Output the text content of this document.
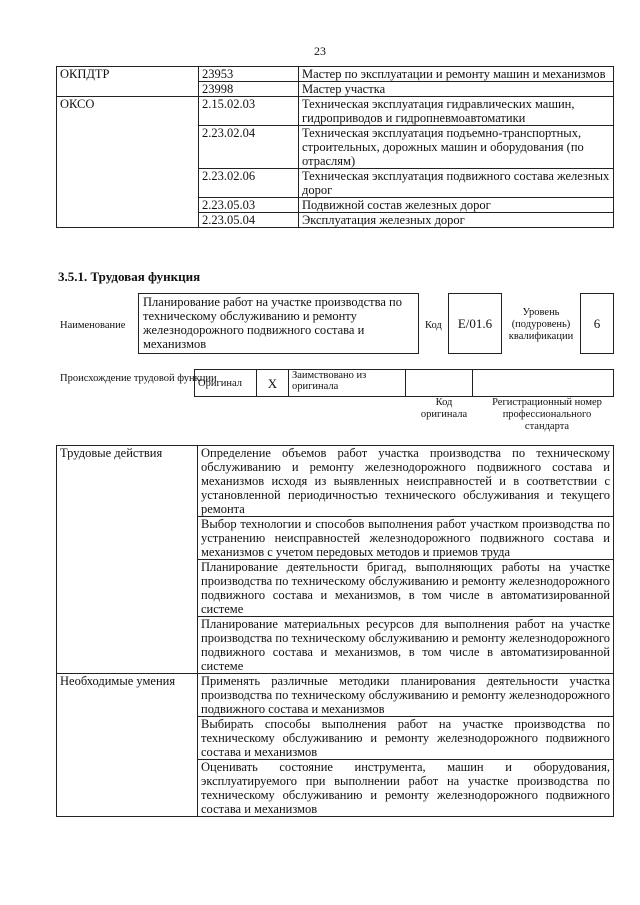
23
ОКПДТР	23953	Мастер по эксплуатации и ремонту машин и механизмов
	23998	Мастер участка
ОКСО	2.15.02.03	Техническая эксплуатация гидравлических машин, гидроприводов и гидропневмоавтоматики
	2.23.02.04	Техническая эксплуатация подъемно-транспортных, строительных, дорожных машин и оборудования (по отраслям)
	2.23.02.06	Техническая эксплуатация подвижного состава железных дорог
	2.23.05.03	Подвижной состав железных дорог
	2.23.05.04	Эксплуатация железных дорог
3.5.1. Трудовая функция
Наименование
Планирование работ на участке производства по техническому обслуживанию и ремонту железнодорожного подвижного состава и механизмов
Код	E/01.6
Уровень (подуровень) квалификации
6
Происхождение трудовой функции
Оригинал	X	Заимствовано из оригинала		
Код оригинала
Регистрационный номер профессионального стандарта
Трудовые действия	Определение объемов работ участка производства по техническому обслуживанию и ремонту железнодорожного подвижного состава и механизмов исходя из выявленных неисправностей и в соответствии с установленной периодичностью технического обслуживания и текущего ремонта
	Выбор технологии и способов выполнения работ участком производства по устранению неисправностей железнодорожного подвижного состава и механизмов с учетом передовых методов и приемов труда
	Планирование деятельности бригад, выполняющих работы на участке производства по техническому обслуживанию и ремонту железнодорожного подвижного состава и механизмов, в том числе в автоматизированной системе
	Планирование материальных ресурсов для выполнения работ на участке производства по техническому обслуживанию и ремонту железнодорожного подвижного состава и механизмов, в том числе в автоматизированной системе
Необходимые умения	Применять различные методики планирования деятельности участка производства по техническому обслуживанию и ремонту железнодорожного подвижного состава и механизмов
	Выбирать способы выполнения работ на участке производства по техническому обслуживанию и ремонту железнодорожного подвижного состава и механизмов
	Оценивать состояние инструмента, машин и оборудования, эксплуатируемого при выполнении работ на участке производства по техническому обслуживанию и ремонту железнодорожного подвижного состава и механизмов
